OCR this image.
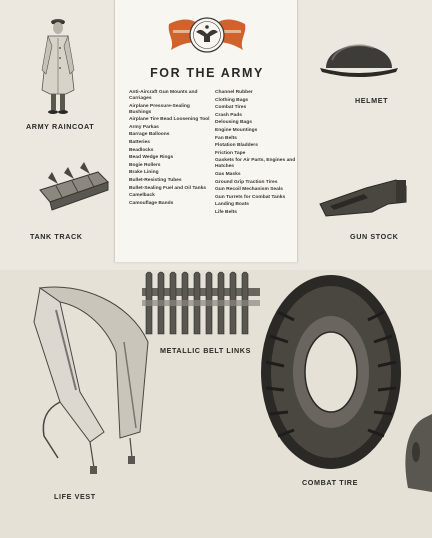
FOR THE ARMY
Anti-Aircraft Gun Mounts and Carriages
Airplane Pressure-Sealing Bushings
Airplane Tire Bead Loosening Tool
Army Parkas
Barrage Balloons
Batteries
Beadlocks
Bead Wedge Rings
Bogie Rollers
Brake Lining
Bullet-Resisting Tubes
Bullet-Sealing Fuel and Oil Tanks
Camelback
Camouflage Bands
Channel Rubber
Clothing Bags
Combat Tires
Crash Pads
Delousing Bags
Engine Mountings
Fan Belts
Flotation Bladders
Friction Tape
Gaskets for Air Parts, Engines and Hatches
Gas Masks
Ground Grip Traction Tires
Gun Recoil Mechanism Seals
Gun Turrets for Combat Tanks
Landing Boats
Life Belts
ARMY RAINCOAT
HELMET
TANK TRACK	GUN STOCK
METALLIC BELT LINKS
LIFE VEST
COMBAT TIRE
